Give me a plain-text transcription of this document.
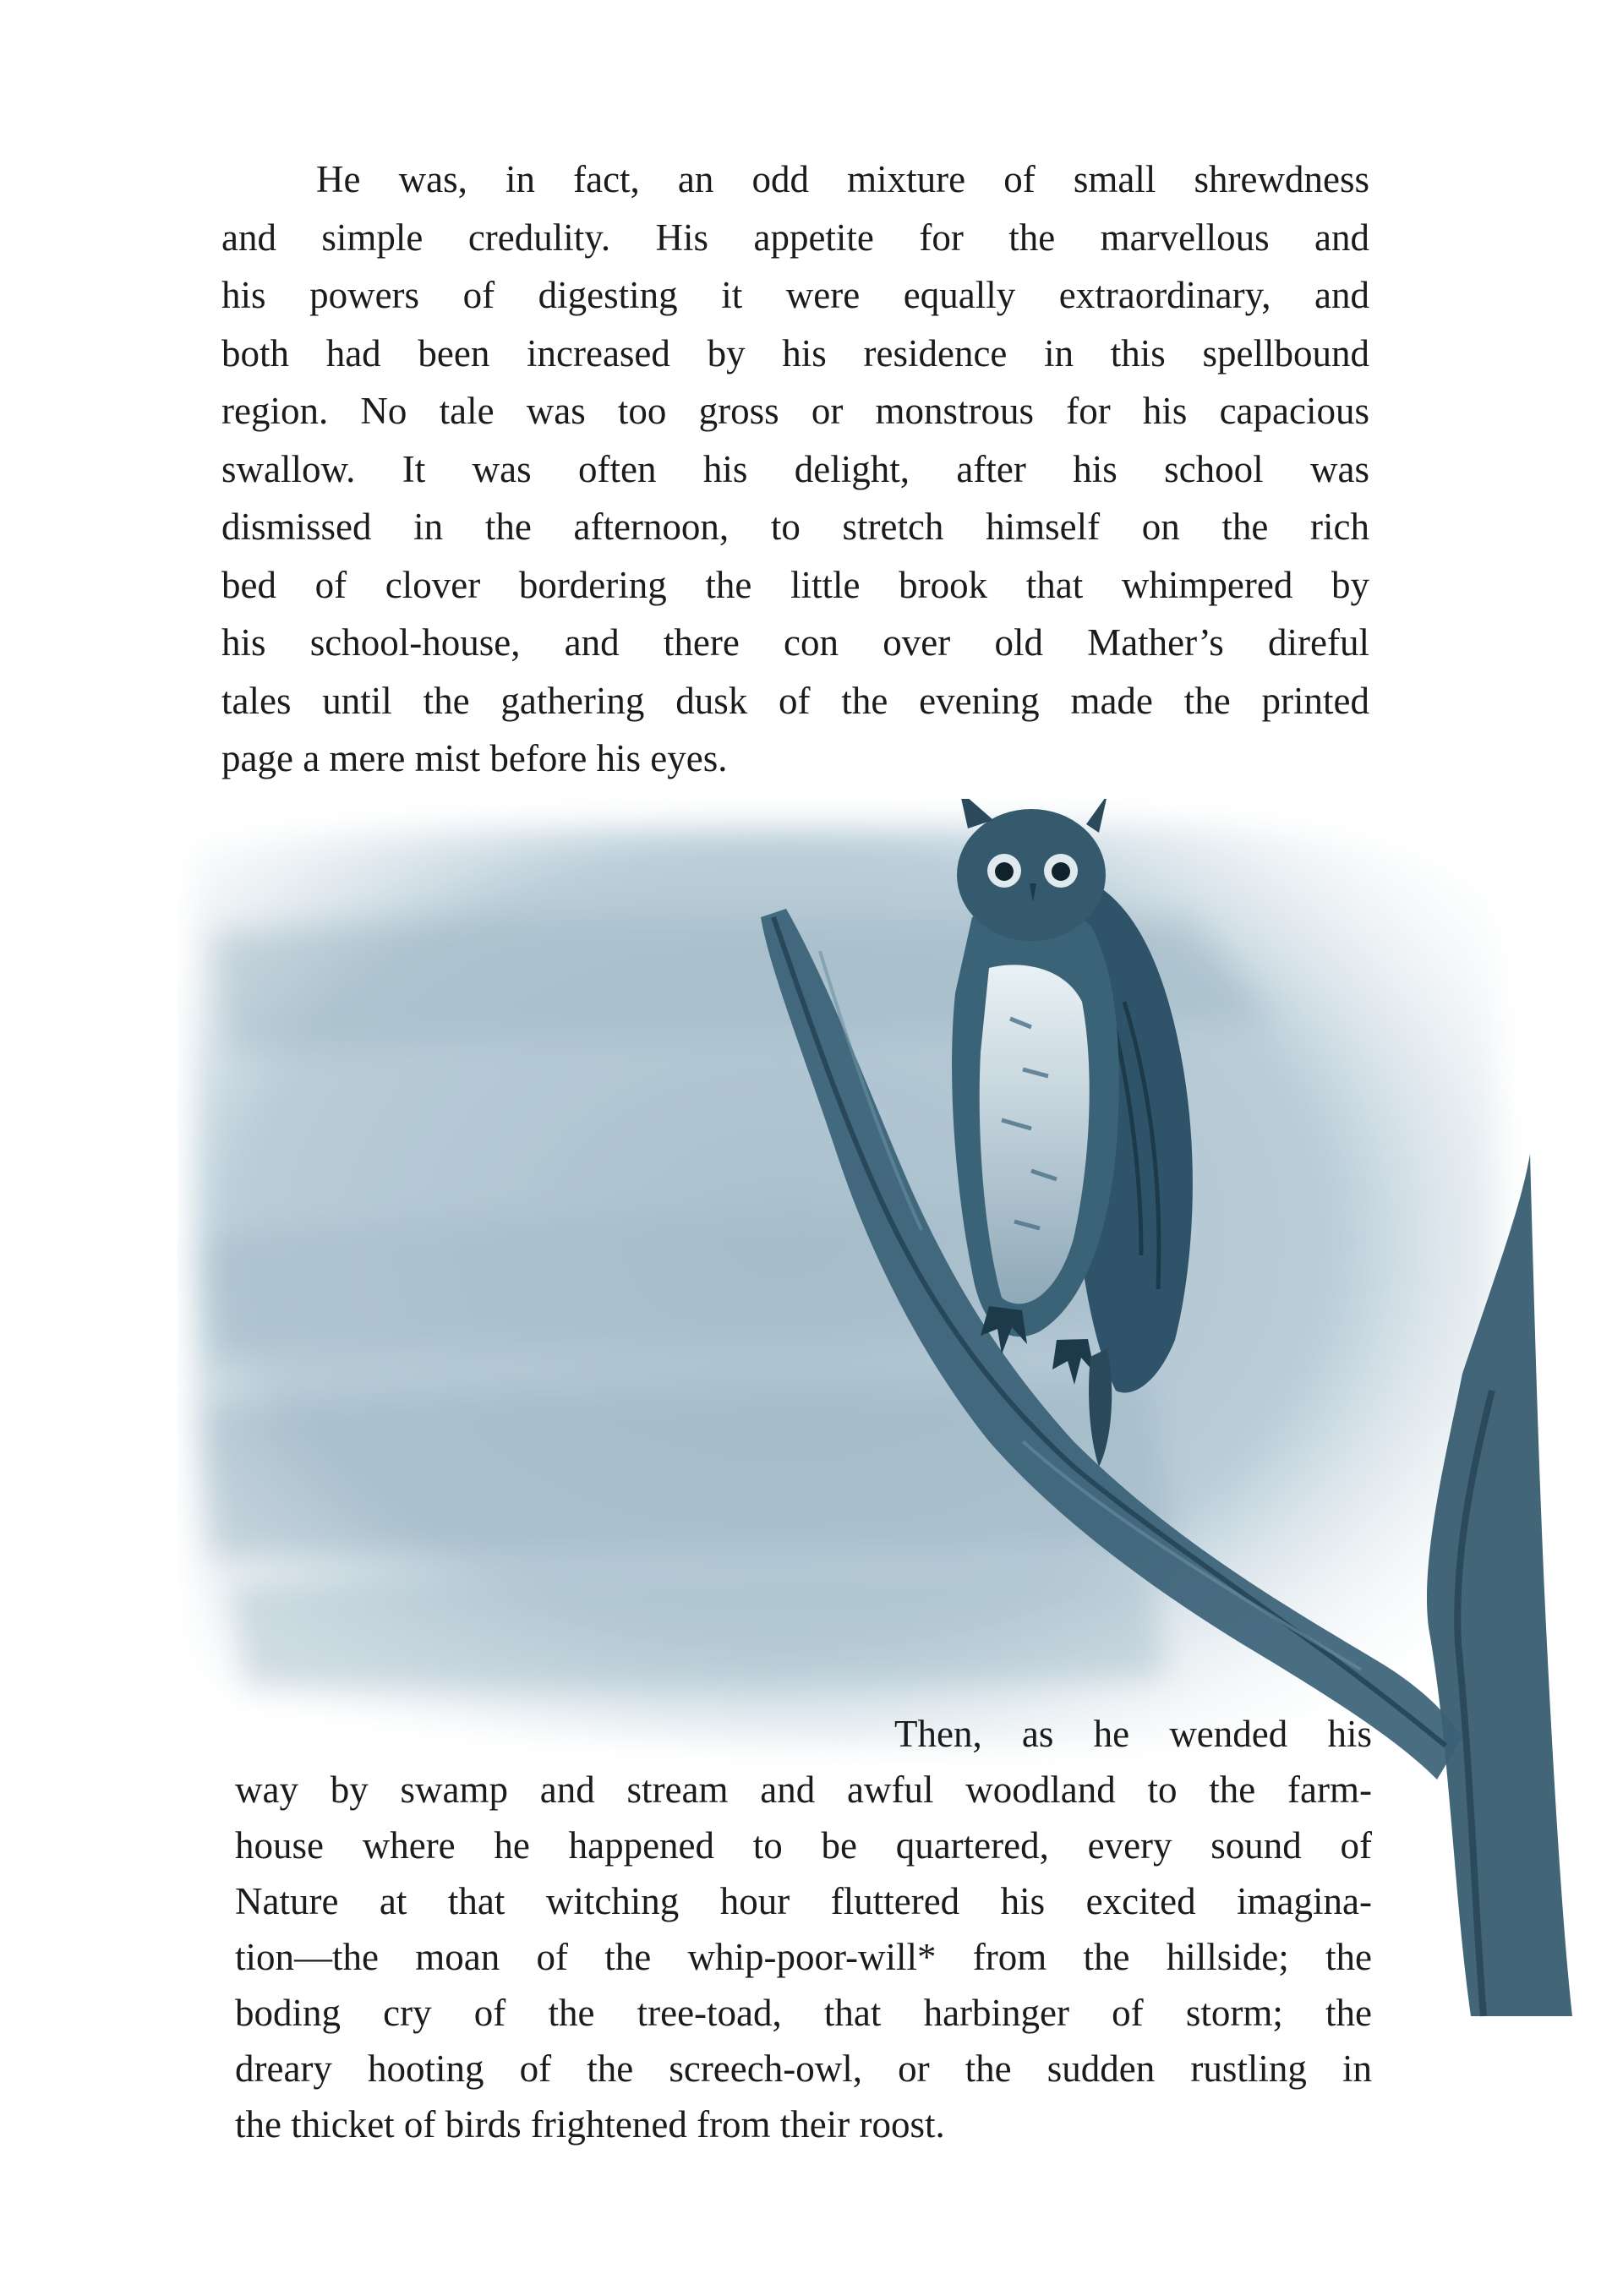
He was, in fact, an odd mixture of small shrewdness
and simple credulity. His appetite for the marvellous and
his powers of digesting it were equally extraordinary, and
both had been increased by his residence in this spellbound
region. No tale was too gross or monstrous for his capacious
swallow. It was often his delight, after his school was
dismissed in the afternoon, to stretch himself on the rich
bed of clover bordering the little brook that whimpered by
his school-house, and there con over old Mather’s direful
tales until the gathering dusk of the evening made the printed
page a mere mist before his eyes.
Then, as he wended his
way by swamp and stream and awful woodland to the farm-
house where he happened to be quartered, every sound of
Nature at that witching hour fluttered his excited imagina-
tion—the moan of the whip-poor-will* from the hillside; the
boding cry of the tree-toad, that harbinger of storm; the
dreary hooting of the screech-owl, or the sudden rustling in
the thicket of birds frightened from their roost.
